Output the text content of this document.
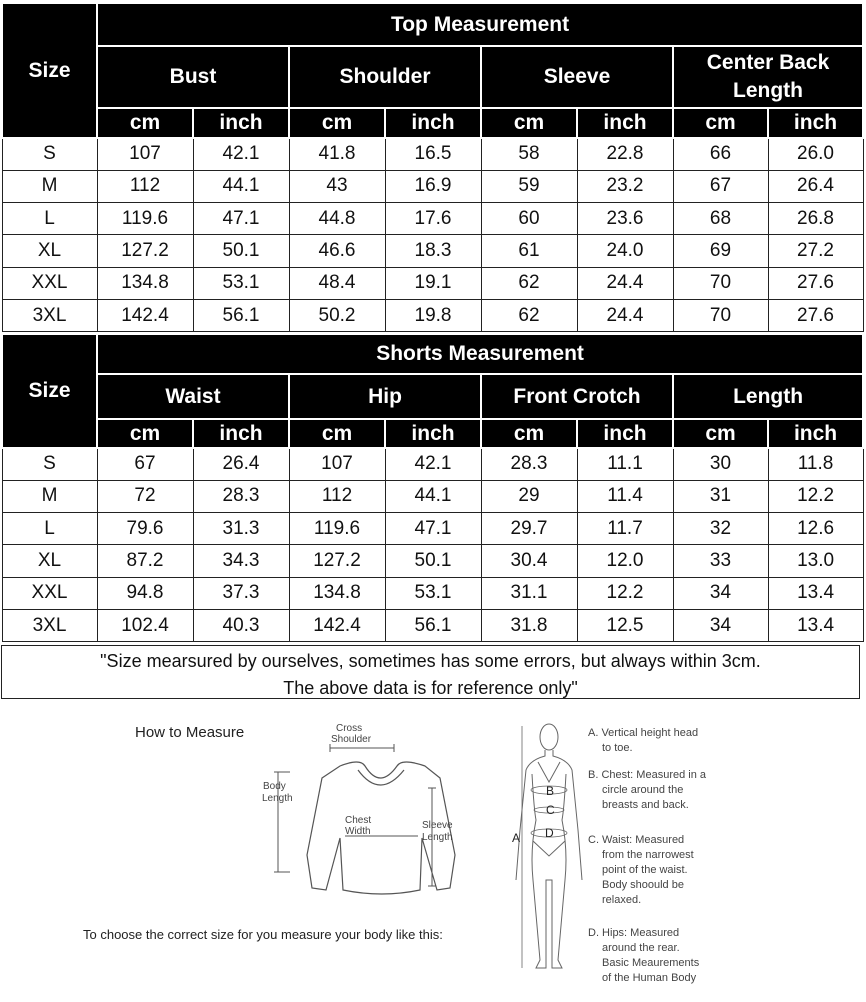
Size	Top Measurement							
	Bust		Shoulder		Sleeve		Center Back Length	
	cm	inch	cm	inch	cm	inch	cm	inch
S	107	42.1	41.8	16.5	58	22.8	66	26.0
M	112	44.1	43	16.9	59	23.2	67	26.4
L	119.6	47.1	44.8	17.6	60	23.6	68	26.8
XL	127.2	50.1	46.6	18.3	61	24.0	69	27.2
XXL	134.8	53.1	48.4	19.1	62	24.4	70	27.6
3XL	142.4	56.1	50.2	19.8	62	24.4	70	27.6
Size	Shorts Measurement							
	Waist		Hip		Front Crotch		Length	
	cm	inch	cm	inch	cm	inch	cm	inch
S	67	26.4	107	42.1	28.3	11.1	30	11.8
M	72	28.3	112	44.1	29	11.4	31	12.2
L	79.6	31.3	119.6	47.1	29.7	11.7	32	12.6
XL	87.2	34.3	127.2	50.1	30.4	12.0	33	13.0
XXL	94.8	37.3	134.8	53.1	31.1	12.2	34	13.4
3XL	102.4	40.3	142.4	56.1	31.8	12.5	34	13.4
"Size mearsured by ourselves, sometimes has some errors, but always within 3cm.
The above data is for reference only"
How to Measure	Cross
Shoulder
Body
Length
Chest
Width
Sleeve
Length	A
B
C
D
To choose the correct size for you measure your body like this:

A. Vertical height head
to toe.

B. Chest: Measured in a
circle around the
breasts and back.

C. Waist: Measured
from the narrowest
point of the waist.
Body shoould be
relaxed.

D. Hips: Measured
around the rear.
Basic Meaurements
of the Human Body
